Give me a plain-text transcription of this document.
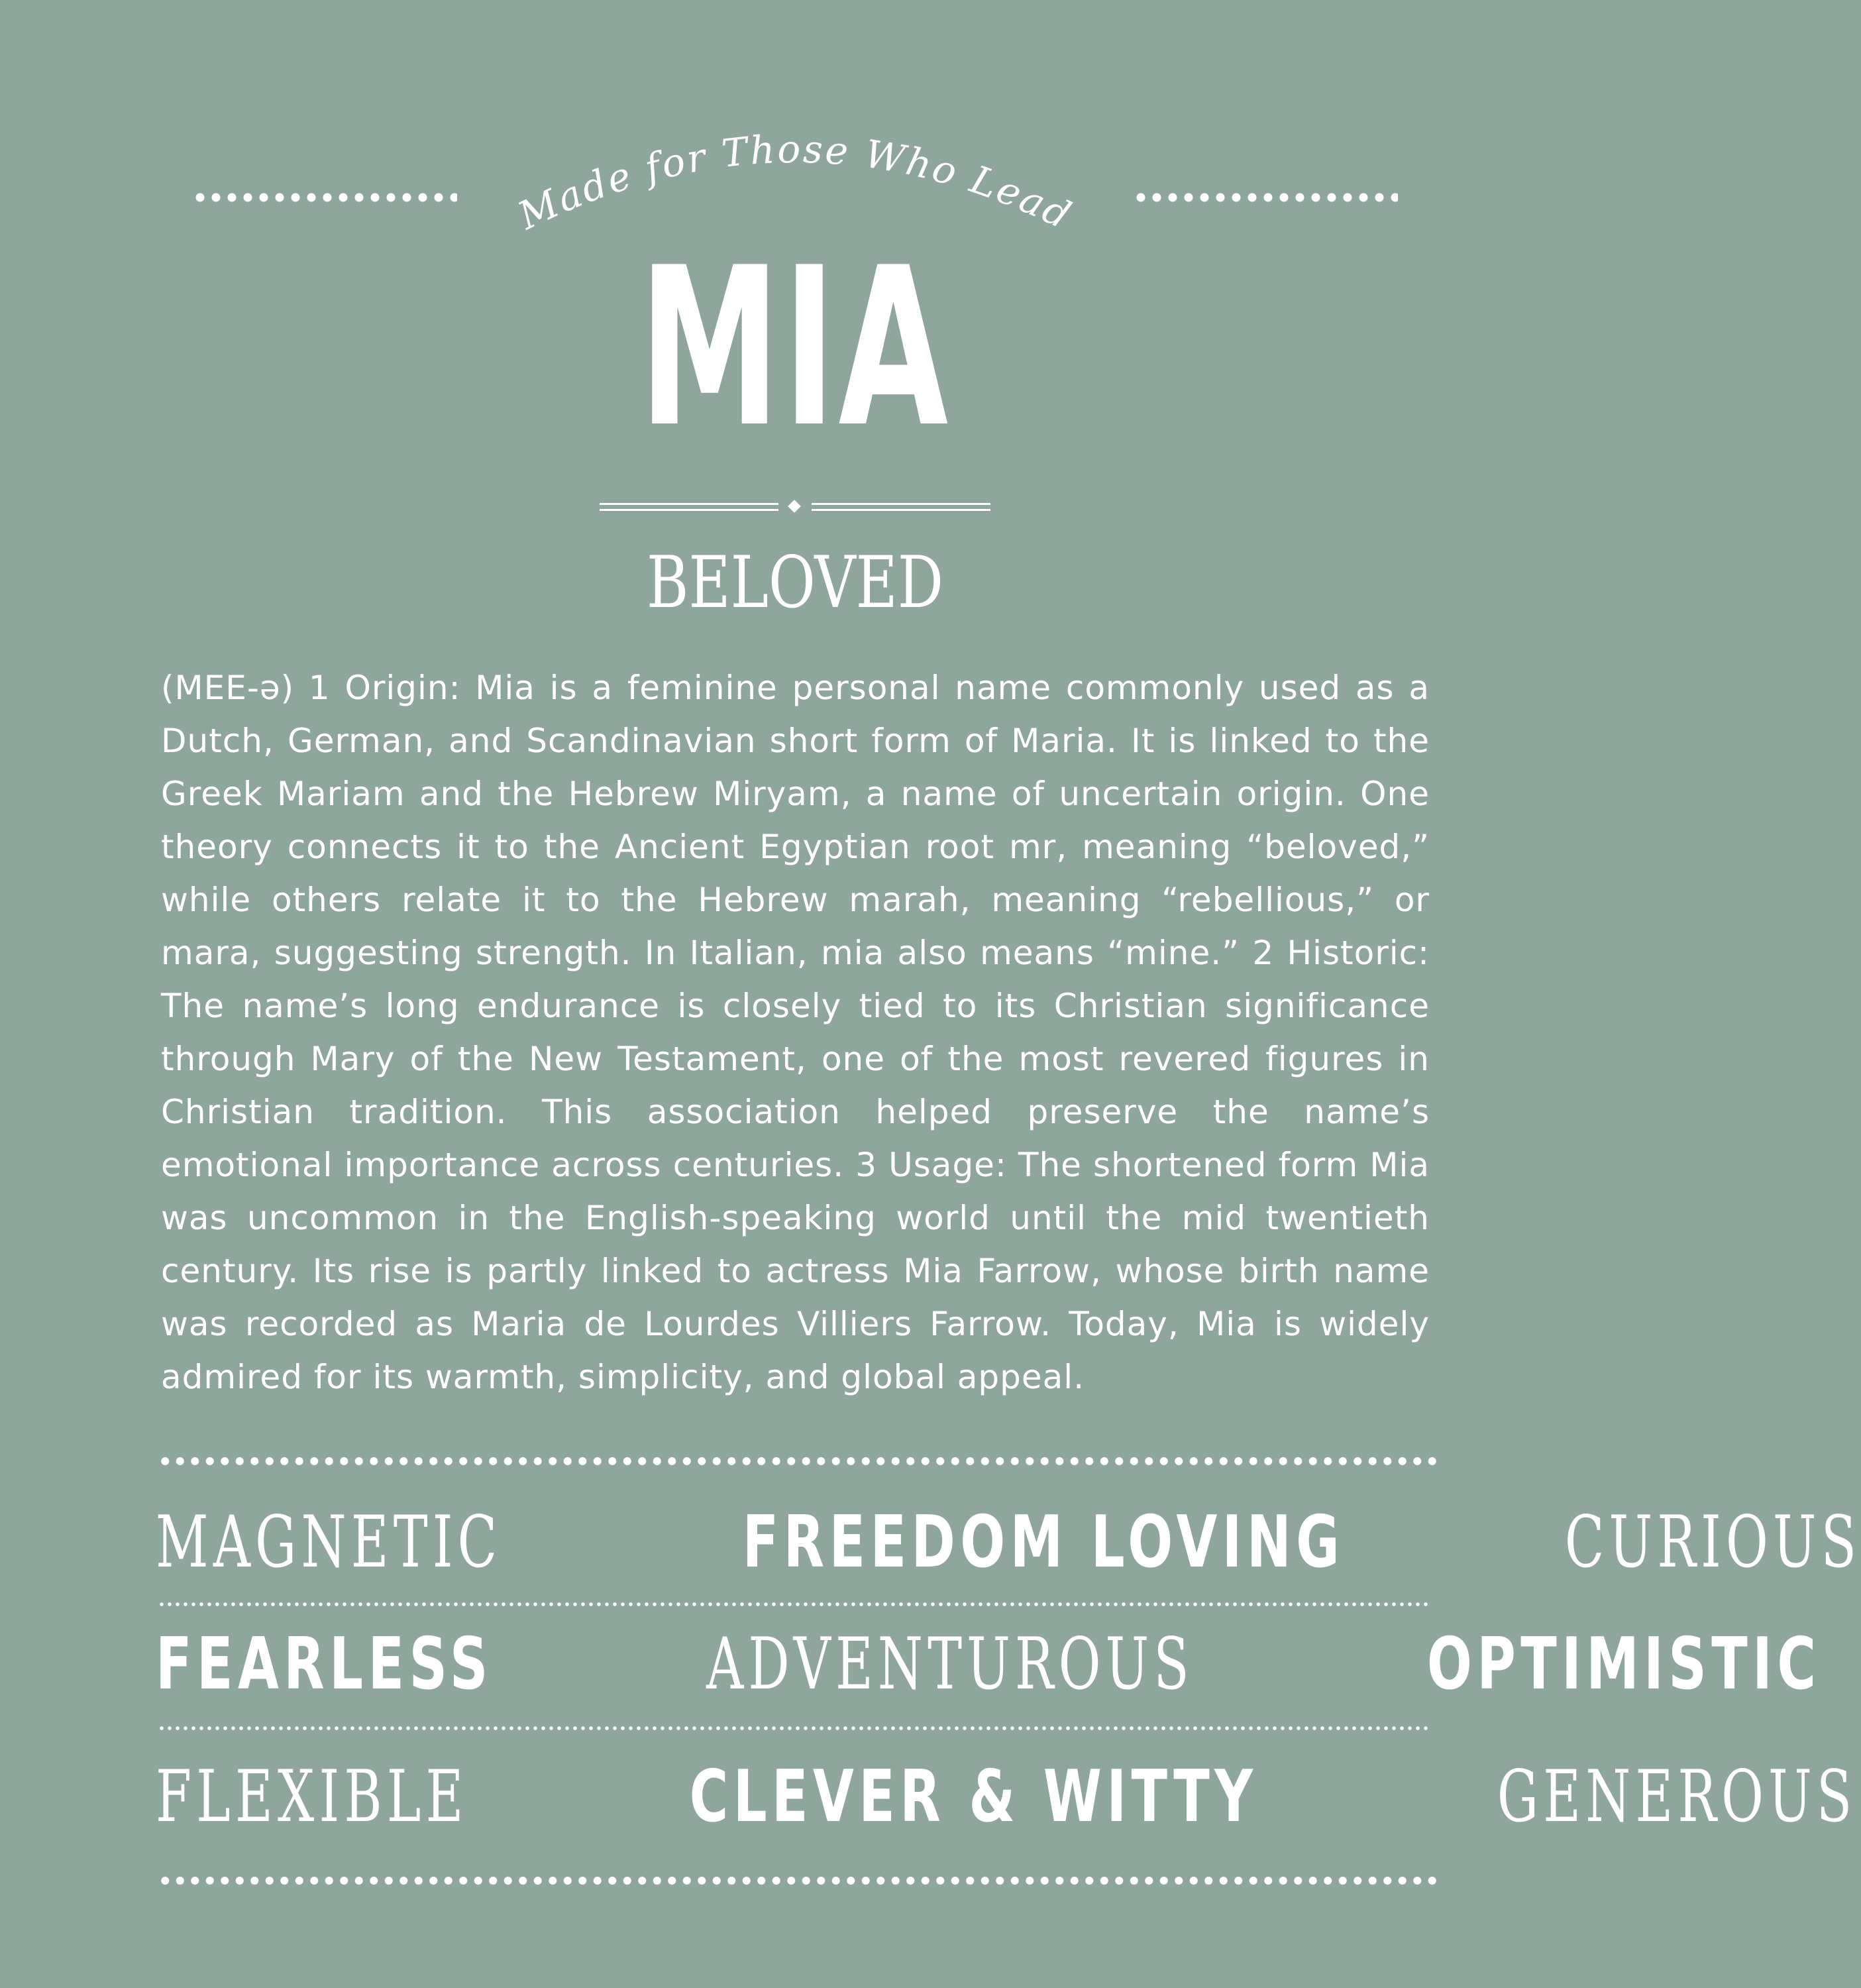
Made for Those Who Lead
MIA
BELOVED
(MEE-ə) 1 Origin: Mia is a feminine personal name commonly used as a Dutch, German, and Scandinavian short form of Maria. It is linked to the Greek Mariam and the Hebrew Miryam, a name of uncertain origin. One theory connects it to the Ancient Egyptian root mr, meaning “beloved,” while others relate it to the Hebrew marah, meaning “rebellious,” or mara, suggesting strength. In Italian, mia also means “mine.” 2 Historic: The name’s long endurance is closely tied to its Christian significance through Mary of the New Testament, one of the most revered figures in Christian tradition. This association helped preserve the name’s emotional importance across centuries. 3 Usage: The shortened form Mia was uncommon in the English-speaking world until the mid twentieth century. Its rise is partly linked to actress Mia Farrow, whose birth name was recorded as Maria de Lourdes Villiers Farrow. Today, Mia is widely admired for its warmth, simplicity, and global appeal.
MAGNETIC	FREEDOM LOVING	CURIOUS
FEARLESS	ADVENTUROUS	OPTIMISTIC
FLEXIBLE	CLEVER & WITTY	GENEROUS
